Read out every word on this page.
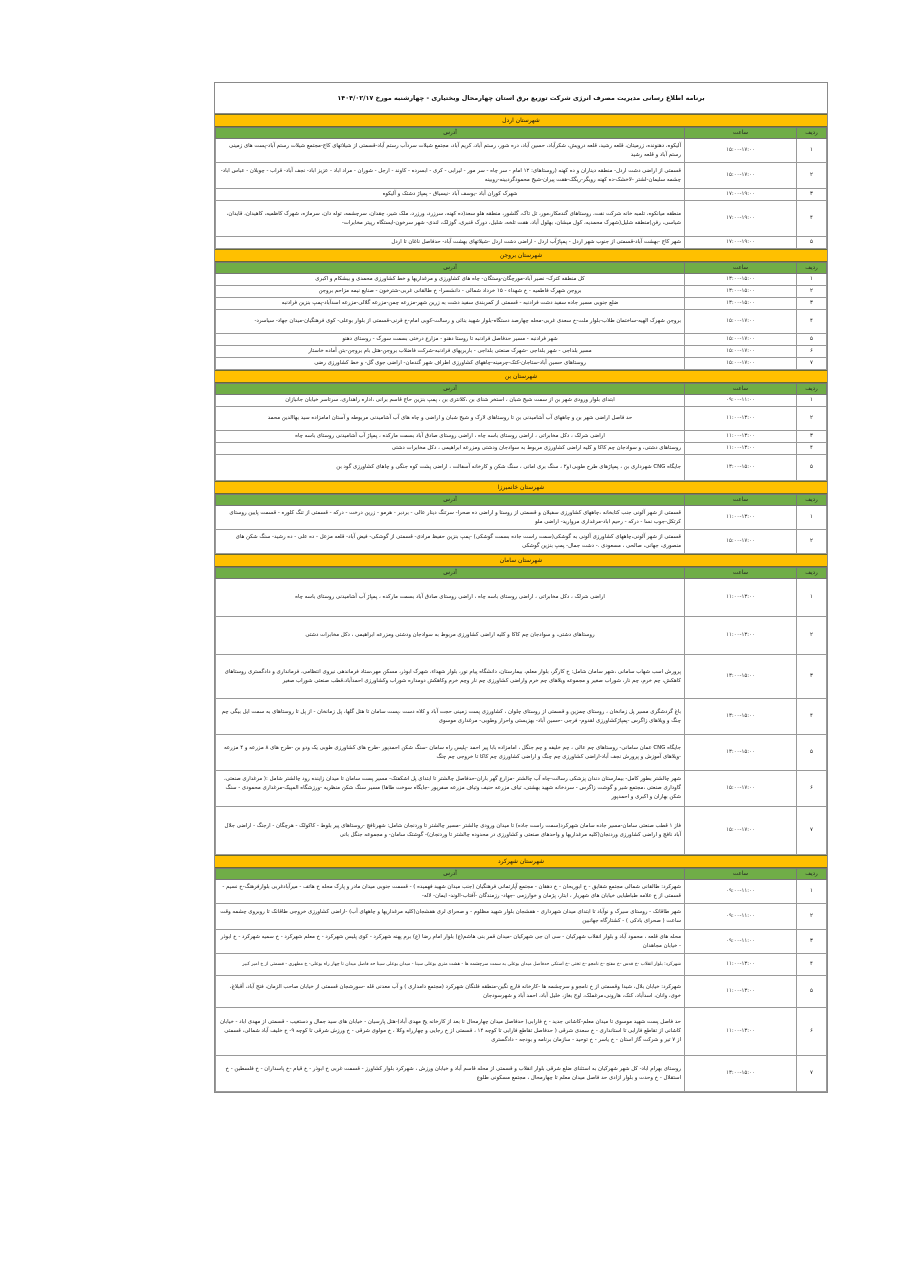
برنامه اطلاع رسانی مدیریت مصرف انرژی شرکت توزیع برق استان چهارمحال وبختیاری - چهارشنبه مورخ ۱۴۰۴/۰۲/۱۷
شهرستان اردل
ردیف	ساعت	آدرس
۱	۱۵:۰۰-۱۷:۰۰	آلیکوه، دهنونده، زرمیتان، قلعه رشید، قلعه درویش، شکرآباد، حسین آباد، دره شور، رستم آباد، کریم آباد، مجتمع شیلات سردآب رستم آباد-قسمتی از شیلاتهای کاج-مجتمع شیلات رستم آباد-پست های زمینی رستم آباد و قلعه رشید
۲	۱۵:۰۰-۱۷:۰۰	قسمتی از اراضی دشت اردل- منطقه دیناران و ده کهنه (روستاهای: ۱۲ امام - سر چاه - سر مور - لیرابی - کری - ابسرده - کاوند - ارجل - شوران - مراد اباد - عزیز اباد- نجف آباد- قراب - چوبلان - عباس اباد- چشمه سلیمان-لشتر -لاخشک-ده کهنه رویگر-ریگک-هفت پیران-شیخ محمودگردبینه-روبینه
۳	۱۷:۰۰-۱۹:۰۰	شهرک کوران آباد -یوسف آباد -نیسیاق - پمپاژ دشتک و آلیکوه
۴	۱۷:۰۰-۱۹:۰۰	منطقه میانکوه، تلمبه خانه شرکت نفت، روستاهای گندمکار،مور، تل تاک، گلشور، منطقه هلو سعد(ده کهنه، سرزرد، ورزرد، ملک شیر، چقدان، سرچشمه، توله دان، سرمازه، شهرک کاظمیه، کاهیدان، قایدان، شیاسی، رفن)منطقه شلیل(شهرک محمدیه، کول میشان، بهلول آباد، هفت تلخه، شلیل، دورک قنبری، گوزلک، لندی- شهر سرخون-ایستگاه رپیتر مخابرات-
۵	۱۷:۰۰-۱۹:۰۰	شهر کاج -بهشت آباد-قسمتی از جنوب شهر اردل - پمپاژآب اردل - اراضی دشت اردل -شیلاتهای بهشت آباد- حدفاصل ناغان تا اردل
شهرستان بروجن
ردیف	ساعت	آدرس
۱	۱۳:۰۰-۱۵:۰۰	کل منطقه کترک- نصیر آباد-مورچگان-وستگان- چاه های کشاورزی و مرغداریها و خط کشاورزی محمدی و بیشکام و اکبری
۲	۱۳:۰۰-۱۵:۰۰	بروجن شهرک فاطمیه - خ شهداء - ۱۵ خرداد شمالی - دانشسرا- خ طالقانی غربی-شترخون - صنایع نیمه مزاحم بروجن
۳	۱۳:۰۰-۱۵:۰۰	ضلع جنوبی مسیر جاده سفید دشت فرادنبه - قسمتی از کمربندی سفید دشت به زرین شهر-مزرعه چمن-مزرعه گلالی-مزرعه اسدآباد-پمپ بنزین فرادنبه
۴	۱۵:۰۰-۱۷:۰۰	بروجن شهرک الهیه-ساختمان طلاب-بلوار ملت-خ سعدی غربی-محله چهارصد دستگاه-بلوار شهید بنائی و رسالت-کوبی امام-خ قرنی-قسمتی از بلوار بوعلی- کوی فرهنگیان-میدان جهاد- سیاسرد-
۵	۱۵:۰۰-۱۷:۰۰	شهر فرادنبه - مسیر حدفاصل فرادنبه تا روستا دهنو - مزارع درختی بسمت سورک - روستای دهنو
۶	۱۵:۰۰-۱۷:۰۰	مسیر بلداجی - شهر بلداجی -شهرک صنعتی بلداجی - باربریهای فرادنبه-شرکت فاضلاب بروجن-هتل بام بروجن-بتن آماده خاستار
۷	۱۵:۰۰-۱۷:۰۰	روستاهای حسین آباد-ستاجان-کتک-چرمینه-چاههای کشاورزی اطراف شهر گندمان- اراضی جوی گل- و خط کشاورزی رضی
شهرستان بن
ردیف	ساعت	آدرس
۱	۰۹:۰۰-۱۱:۰۰	ابتدای بلوار ورودی شهر بن از سمت شیخ شبان ، استخر شنای بن ،کلانتری بن ، پمپ بنزین حاج قاسم برانی ،اداره راهداری، سرتاسر خیابان جانبازان
۲	۱۱:۰۰-۱۳:۰۰	حد فاصل اراضی شهر بن و چاههای آب آشامیدنی بن تا روستاهای لارک و شیخ شبان و اراضی و چاه های آب آشامیدنی مربوطه و آستان امامزاده سید بهاالدین محمد
۳	۱۱:۰۰-۱۳:۰۰	اراضی شرلک ، دکل مخابراتی ، اراضی روستای باسه چاه ، اراضی روستای صادق آباد بسمت مارکده ، پمپاژ آب آشامیدنی روستای باسه چاه
۴	۱۱:۰۰-۱۳:۰۰	روستاهای دشتی، و سوادجان چم کاکا و کلیه اراضی کشاورزی مربوط به سوادجان ودشتی ومزرعه ابراهیمی ، دکل مخابرات دشتی
۵	۱۳:۰۰-۱۵:۰۰	جایگاه CNG شهرداری بن ، پمپاژهای طرح طوبی۱و۲ ، سنگ بری امانی ، سنگ شکن و کارخانه آسفالت ، اراضی پشت کوه جنگی و چاهای کشاورزی گود بن
شهرستان خانمیرزا
ردیف	ساعت	آدرس
۱	۱۱:۰۰-۱۳:۰۰	قسمتی از شهر آلونی جنب کتابخانه ،چاههای کشاورزی سفیلان و قسمتی از روستا و اراضی ده صحرا- سرتنگ دینار عالی - بردبر - هرمو - زرین درخت - درکه - قسمتی از تنگ کلوره - قسمت پایین روستای کرتکل-جوب نسا - درکه - رحیم اباد-مرغداری مروارید- اراضی ملو
۲	۱۵:۰۰-۱۷:۰۰	قسمتی از شهر آلونی،چاههای کشاورزی آلونی به گوشکی(سمت راست جاده بسمت گوشکی) -پمپ بنزین حفیظ مرادی- قسمتی از گوشکی- فیض آباد- قلعه مزعل - ده علی - ده رشید- سنگ شکن های منصوری، جهانی، صالحی ، مسعودی .- دشت جمال- پمپ بنزین گوشکی
شهرستان سامان
ردیف	ساعت	آدرس
۱	۱۱:۰۰-۱۳:۰۰	اراضی شرلک ، دکل مخابراتی ، اراضی روستای باسه چاه ، اراضی روستای صادق آباد بسمت مارکده ، پمپاژ آب آشامیدنی روستای باسه چاه
۲	۱۱:۰۰-۱۳:۰۰	روستاهای دشتی، و سوادجان چم کاکا و کلیه اراضی کشاورزی مربوط به سوادجان ودشتی ومزرعه ابراهیمی ، دکل مخابرات دشتی
۳	۱۳:۰۰-۱۵:۰۰	پرورش اسب شهاب سامانی ،شهر سامان شامل: خ کارگر، بلوار معلم، بیمارستان، دانشگاه پیام نور، بلوار شهداء، شهرک ابوذر، مسکن مهر،ستاد فرماندهی نیروی انتظامی، فرمانداری و دادگستری روستاهای کاهکش، چم خرم، چم نار، شوراب صغیر و مجموعه ویلاهای چم خرم واراضی کشاورزی چم نار وچم خرم وکاهکش دومداره شوراب وکشاورزی احمدآباد،قطب صنعتی شوراب صغیر
۴	۱۳:۰۰-۱۵:۰۰	باغ گردشگری مسیر پل زمانخان ، روستای چمزین و قسمتی از روستای چلوان ، کشاورزی پست زمینی حجت آباد و کلاه دست ،پست سامان تا هتل گلها، پل زمانخان - از پل تا روستاهای به سمت ایل بیگی چم چنگ و ویلاهای زاگرس -پمپاژکشاورزی لقدوم- فرجی -حسین آباد- بهزیستی واحرار وطوبی- مرغداری موسوی
۵	۱۳:۰۰-۱۵:۰۰	جایگاه CNG عمان سامانی- روستاهای چم عالی ، چم خلیفه و چم جنگل ، امامزاده بابا پیر احمد -پلیس راه سامان -سنگ شکن احمدپور -طرح های کشاورزی طوبی یک ودو بن -طرح های ۸ مزرعه و ۴ مزرعه -ویلاهای آموزش و پرورش نجف آباد-اراضی کشاورزی چم چنگ و اراضی کشاورزی چم کاکا تا خروجی چم چنگ
۶	۱۵:۰۰-۱۷:۰۰	شهر چالشتر بطور کامل- بیمارستان دندان پزشکی رسالت-چاه آب چالشتر -مزارع گهر باران-حدفاصل چالشتر تا ابتدای پل اشکفتک- مسیر پست سامان تا میدان زاینده رود چالشتر شامل :( مرغداری صنعتی، گاوداری صنعتی ،مجتمع شیر و گوشت زاگرس - سردخانه شهید بهشتی، تیاف مزرعه حنیف وتیاف مزرعه صفرپور -جایگاه سوخت طاها) مسیر سنگ شکن منظریه -ورزشگاه المپیک-مرغداری محمودی - سنگ شکن بهاران و اکبری و احمدپور
۷	۱۵:۰۰-۱۷:۰۰	فاز ۱ قطب صنعتی سامان-مسیر جاده سامان شهرکرد(سمت راست جاده) تا میدان ورودی چالشتر -مسیر چالشتر تا وردنجان شامل: شهرنافچ -روستاهای پیر بلوط - کاکولک - هرچگان - ارجنگ - اراضی جلال آباد نافچ و اراضی کشاورزی وردنجان(کلیه مرغداریها و واحدهای صنعتی و کشاورزی در محدوده چالشتر تا وردنجان)- گوشتک سامان- و مجموعه جنگل بانی
شهرستان شهرکرد
ردیف	ساعت	آدرس
۱	۰۹:۰۰-۱۱:۰۰	شهرکرد: طالقانی شمالی مجتمع شقایق - خ ابوریحان - خ دهقان - مجتمع آپارتمانی فرهنگیان (جنب میدان شهید فهمیده ) - قسمت جنوبی میدان مادر و پارک محله خ هاتف - میرآبادغربی بلوارفرهنگ-خ نسیم - قسمتی از خ علامه طباطبایی خیابان های شهریار ، ابتار، پژمان و خوارزمی -جهاد- رزمندگان -آفتاب-الوند- ایمان- لاله-
۲	۰۹:۰۰-۱۱:۰۰	شهر طاقانک - روستای سیرک و نوآباد تا ابتدای میدان شهرداری - هفشجان بلوار شهید مظلوم - و صحرای لری هفشجان(کلیه مرغداریها و چاههای آب) -اراضی کشاورزی خروجی طاقانک تا روبروی چشمه وقت ساعت ( صحرای بادکی ) - کشتارگاه جهانبین
۳	۰۹:۰۰-۱۱:۰۰	محله های قلعه ، محمود آباد و بلوار انقلاب شهرکیان - سی ان جی شهرکیان -میدان قمر بنی هاشم(ع) بلوار امام رضا (ع) برم پهنه شهرکرد - کوی پلیس شهرکرد - خ معلم شهرکرد - خ سمیه شهرکرد - خ ابوذر - خیابان مجاهدان
۴	۱۱:۰۰-۱۳:۰۰	شهرکرد: بلوار انقلاب -خ قدس -خ مفتح -خ نامجو -خ تختی -خ استکی حدفاصل میدان بوعلی به سمت سرچشمه ها - هشت متری بوعلی سینا - میدان بوعلی سینا حد فاصل میدان تا چهار راه بوعلی- خ مطهری - قسمتی از خ امیر کبیر
۵	۱۱:۰۰-۱۳:۰۰	شهرکرد: خیابان بلال، شیدا وقسمتی از خ نامجو و سرچشمه ها -کارخانه فارچ نگین-منطقه فلنگان شهرکرد (مجتمع دامداری ) و آب معدنی قله -سورشجان قسمتی از خیابان صاحب الزمان، فتح آباد، آقبلاغ، خوی، وانان، اسدآباد، کنک، هارونی،مرغملک، اوج بغاز، خلیل آباد، احمد آباد و شهرسودجان
۶	۱۱:۰۰-۱۳:۰۰	حد فاصل پست شهید موسوی تا میدان معلم-کاشانی جدید - خ فارابی( حدفاصل میدان چهارمحال تا بعد از کارخانه یخ مهدی آباد)-هتل پارسیان - خیابان های سید جمال و دستغیب - قسمتی از مهدی اباد - خیابان کاشانی از تقاطع فارابی تا استانداری - خ سعدی شرقی ( حدفاصل تقاطع فارابی تا کوچه ۱۴ ، قسمتی از خ رجایی و چهارراه وکلا ، خ مولوی شرقی - خ ورزش شرقی تا کوچه ۹- خ خلیف آباد شمالی، قسمتی از ۷ تیر و شرکت گاز استان - خ یاسر - خ توحید - سازمان برنامه و بودجه - دادگستری
۷	۱۳:۰۰-۱۵:۰۰	روستای بهرام اباد- کل شهر شهرکیان به استثنای ضلع شرقی بلوار انقلاب و قسمتی از محله قاسم آباد و خیابان ورزش ، شهرکرد بلوار کشاورز - قسمت غربی خ ابوذر - خ قیام -خ پاسداران - خ فلسطین - خ استقلال - خ وحدت و بلوار ازادی حد فاصل میدان معلم تا چهارمحال ، مجتمع مسکونی طلوع
